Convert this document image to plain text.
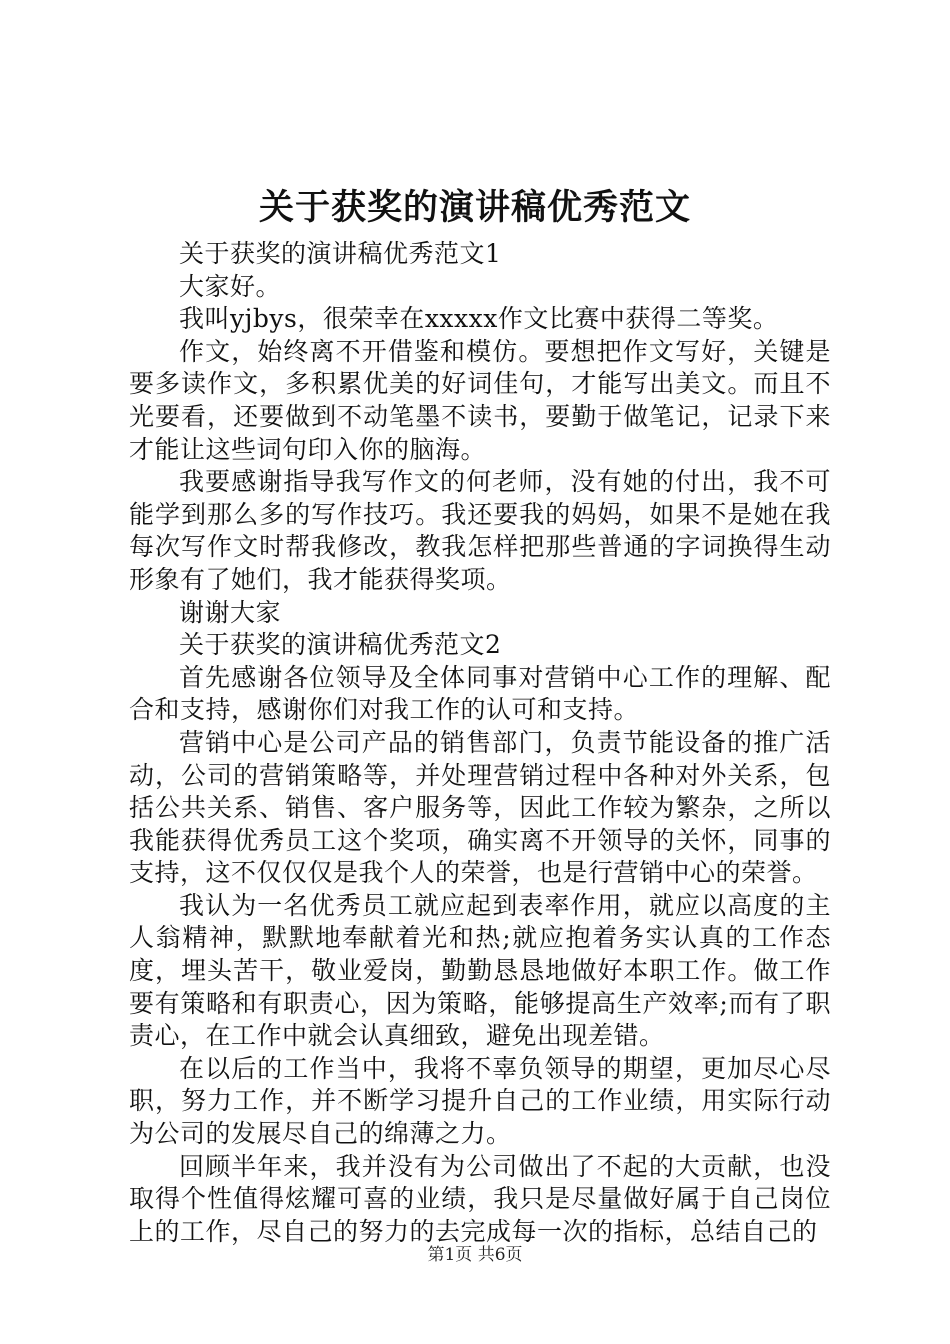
关于获奖的演讲稿优秀范文

关于获奖的演讲稿优秀范文1

大家好。

我叫yjbys，很荣幸在xxxxx作文比赛中获得二等奖。

作文，始终离不开借鉴和模仿。要想把作文写好，关键是要多读作文，多积累优美的好词佳句，才能写出美文。而且不光要看，还要做到不动笔墨不读书，要勤于做笔记，记录下来才能让这些词句印入你的脑海。

我要感谢指导我写作文的何老师，没有她的付出，我不可能学到那么多的写作技巧。我还要我的妈妈，如果不是她在我每次写作文时帮我修改，教我怎样把那些普通的字词换得生动形象有了她们，我才能获得奖项。

谢谢大家

关于获奖的演讲稿优秀范文2

首先感谢各位领导及全体同事对营销中心工作的理解、配合和支持，感谢你们对我工作的认可和支持。

营销中心是公司产品的销售部门，负责节能设备的推广活动，公司的营销策略等，并处理营销过程中各种对外关系，包括公共关系、销售、客户服务等，因此工作较为繁杂，之所以我能获得优秀员工这个奖项，确实离不开领导的关怀，同事的支持，这不仅仅仅是我个人的荣誉，也是行营销中心的荣誉。

我认为一名优秀员工就应起到表率作用，就应以高度的主人翁精神，默默地奉献着光和热;就应抱着务实认真的工作态度，埋头苦干，敬业爱岗，勤勤恳恳地做好本职工作。做工作要有策略和有职责心，因为策略，能够提高生产效率;而有了职责心，在工作中就会认真细致，避免出现差错。

在以后的工作当中，我将不辜负领导的期望，更加尽心尽职，努力工作，并不断学习提升自己的工作业绩，用实际行动为公司的发展尽自己的绵薄之力。

回顾半年来，我并没有为公司做出了不起的大贡献，也没取得个性值得炫耀可喜的业绩，我只是尽量做好属于自己岗位上的工作，尽自己的努力的去完成每一次的指标，总结自己的

第1页 共6页
